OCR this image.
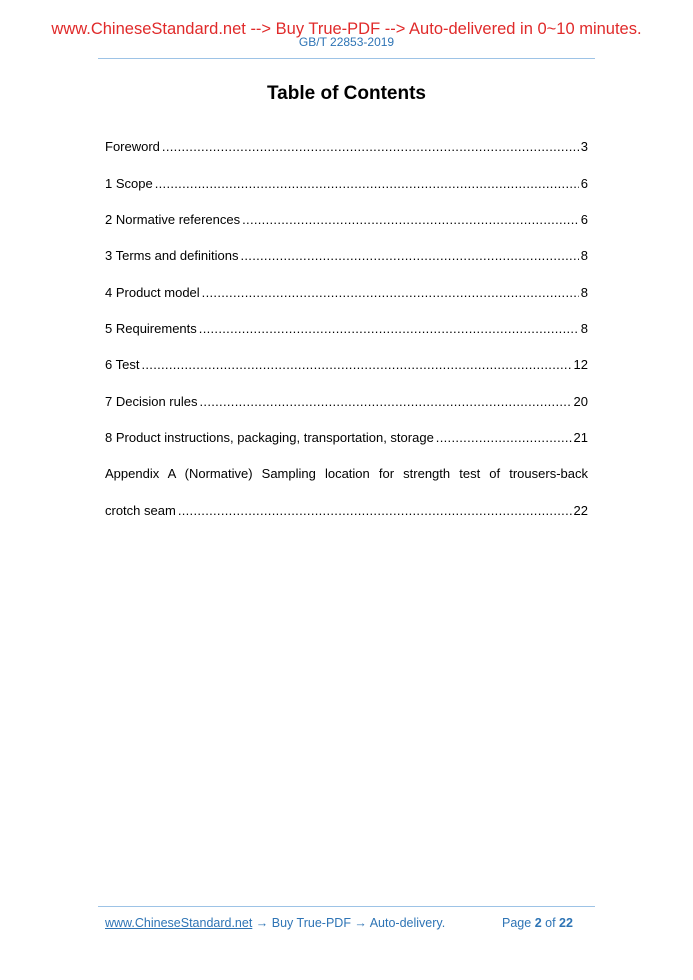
www.ChineseStandard.net --> Buy True-PDF --> Auto-delivered in 0~10 minutes.
GB/T 22853-2019
Table of Contents
Foreword .....	3
1 Scope .....	6
2 Normative references .....	6
3 Terms and definitions .....	8
4 Product model .....	8
5 Requirements .....	8
6 Test .....	12
7 Decision rules .....	20
8 Product instructions, packaging, transportation, storage .....	21
Appendix A (Normative) Sampling location for strength test of trousers-back
crotch seam .....	22
www.ChineseStandard.net → Buy True-PDF → Auto-delivery.	Page 2 of 22
